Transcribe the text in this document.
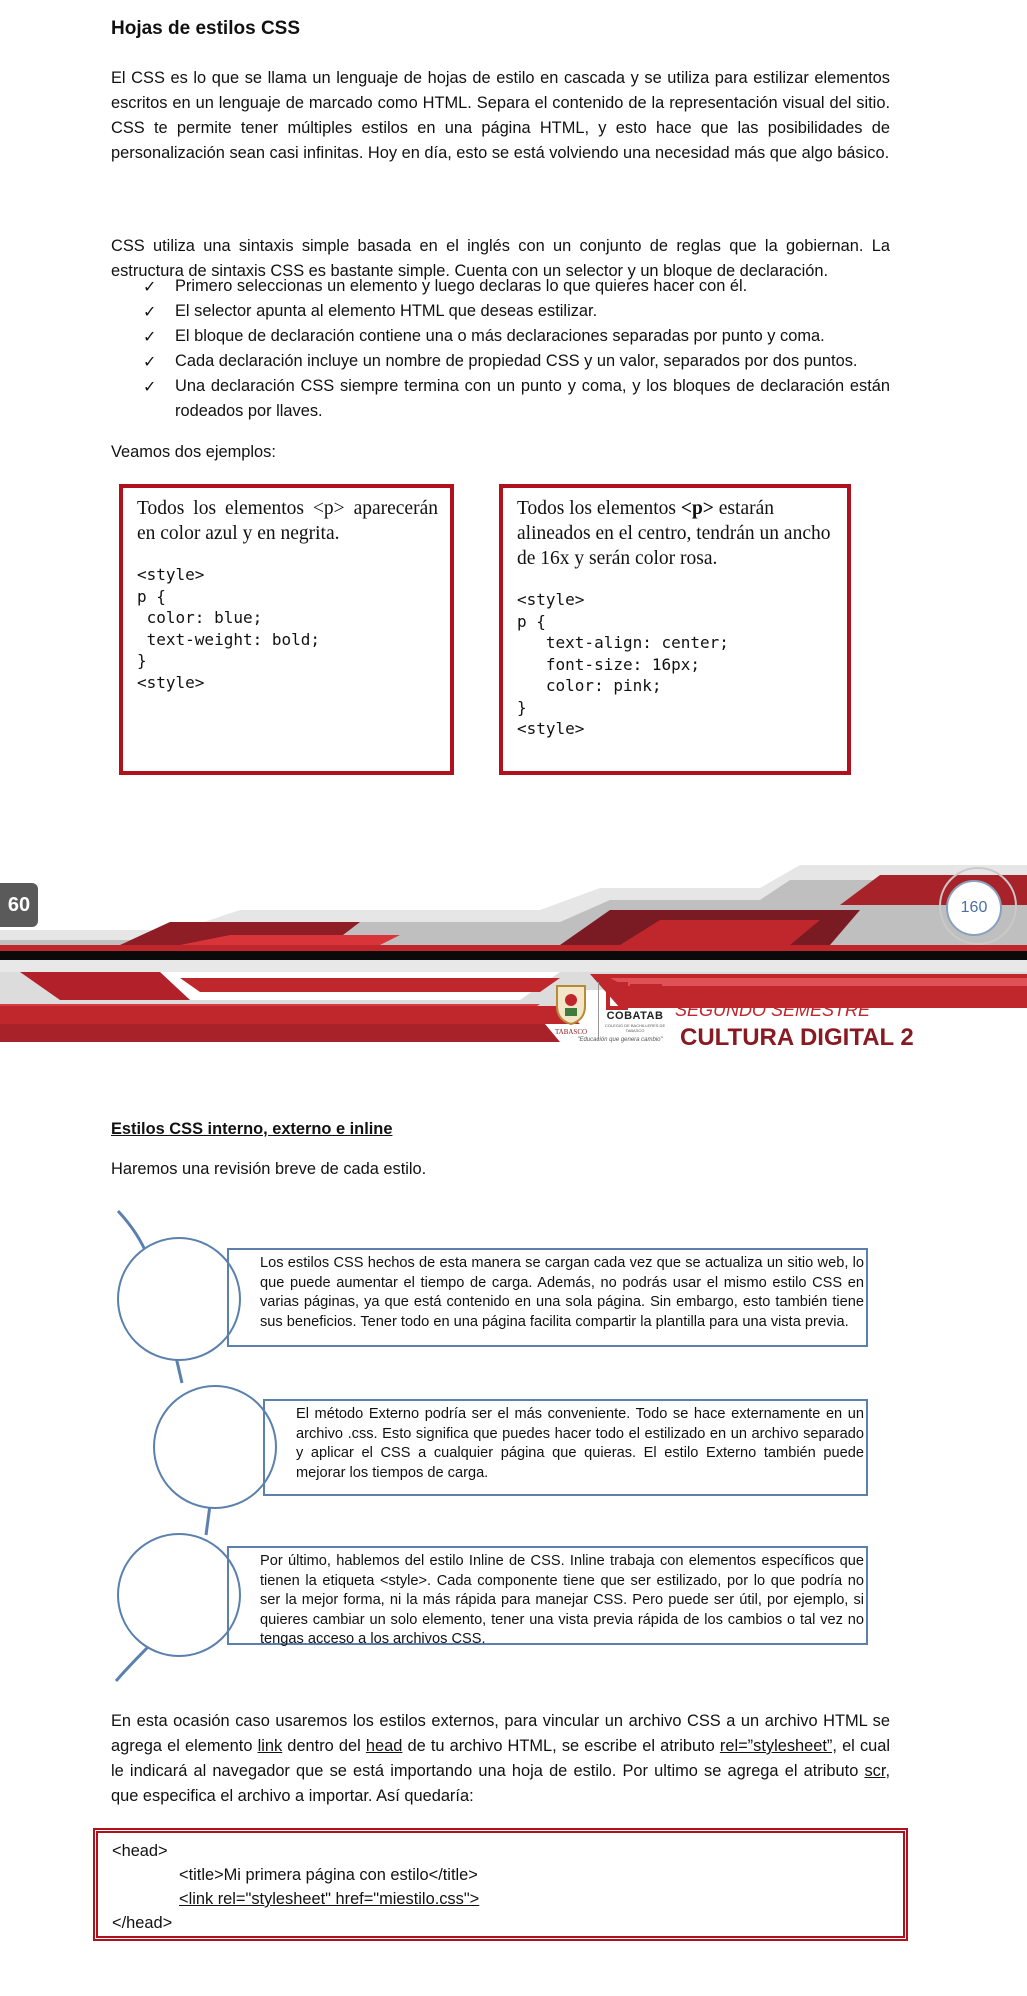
Hojas de estilos CSS

El CSS es lo que se llama un lenguaje de hojas de estilo en cascada y se utiliza para estilizar elementos escritos en un lenguaje de marcado como HTML. Separa el contenido de la representación visual del sitio. CSS te permite tener múltiples estilos en una página HTML, y esto hace que las posibilidades de personalización sean casi infinitas. Hoy en día, esto se está volviendo una necesidad más que algo básico.

CSS utiliza una sintaxis simple basada en el inglés con un conjunto de reglas que la gobiernan. La estructura de sintaxis CSS es bastante simple. Cuenta con un selector y un bloque de declaración.

✓ Primero seleccionas un elemento y luego declaras lo que quieres hacer con él.
✓ El selector apunta al elemento HTML que deseas estilizar.
✓ El bloque de declaración contiene una o más declaraciones separadas por punto y coma.
✓ Cada declaración incluye un nombre de propiedad CSS y un valor, separados por dos puntos.
✓ Una declaración CSS siempre termina con un punto y coma, y los bloques de declaración están rodeados por llaves.

Veamos dos ejemplos:

Todos los elementos <p> aparecerán en color azul y en negrita.

<style>
p {
color: blue;
text-weight: bold;
}
<style>

Todos los elementos <p> estarán alineados en el centro, tendrán un ancho de 16x y serán color rosa.

<style>
p {
text-align: center;
font-size: 16px;
color: pink;
}
<style>
60	160
TABASCO
COBATAB
COLEGIO DE BACHILLERES DE TABASCO
"Educación que genera cambio"
SEGUNDO SEMESTRE
CULTURA DIGITAL 2
Estilos CSS interno, externo e inline
Haremos una revisión breve de cada estilo.
Los estilos CSS hechos de esta manera se cargan cada vez que se actualiza un sitio web, lo que puede aumentar el tiempo de carga. Además, no podrás usar el mismo estilo CSS en varias páginas, ya que está contenido en una sola página. Sin embargo, esto también tiene sus beneficios. Tener todo en una página facilita compartir la plantilla para una vista previa.
El método Externo podría ser el más conveniente. Todo se hace externamente en un archivo .css. Esto significa que puedes hacer todo el estilizado en un archivo separado y aplicar el CSS a cualquier página que quieras. El estilo Externo también puede mejorar los tiempos de carga.
Por último, hablemos del estilo Inline de CSS. Inline trabaja con elementos específicos que tienen la etiqueta <style>. Cada componente tiene que ser estilizado, por lo que podría no ser la mejor forma, ni la más rápida para manejar CSS. Pero puede ser útil, por ejemplo, si quieres cambiar un solo elemento, tener una vista previa rápida de los cambios o tal vez no tengas acceso a los archivos CSS.

En esta ocasión caso usaremos los estilos externos, para vincular un archivo CSS a un archivo HTML se agrega el elemento link dentro del head de tu archivo HTML, se escribe el atributo rel=”stylesheet”, el cual le indicará al navegador que se está importando una hoja de estilo. Por ultimo se agrega el atributo scr, que especifica el archivo a importar. Así quedaría:

<head>
<title>Mi primera página con estilo</title>
<link rel="stylesheet" href="miestilo.css">
</head>
